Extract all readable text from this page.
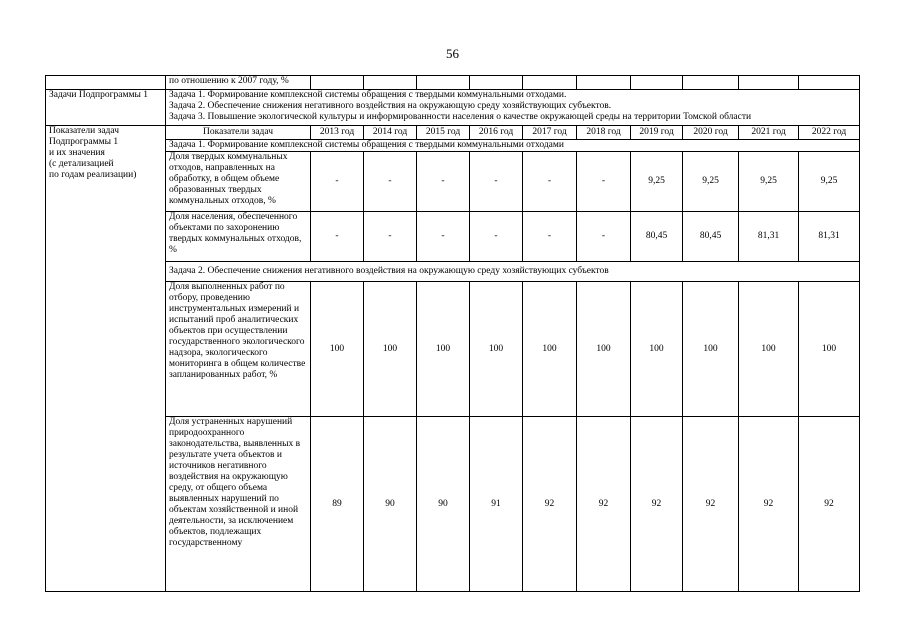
56
	по отношению к 2007 году, %										
Задачи Подпрограммы 1	Задача 1. Формирование комплексной системы обращения с твердыми коммунальными отходами.
Задача 2. Обеспечение снижения негативного воздействия на окружающую среду хозяйствующих субъектов.
Задача 3. Повышение экологической культуры и информированности населения о качестве окружающей среды на территории Томской области										

Показатели задач
Подпрограммы 1
и их значения
(с детализацией
по годам реализации)	Показатели задач	2013 год	2014 год	2015 год	2016 год	2017 год	2018 год	2019 год	2020 год	2021 год	2022 год
	Задача 1. Формирование комплексной системы обращения с твердыми коммунальными отходами										
	Доля твердых коммунальных отходов, направленных на обработку, в общем объеме образованных твердых коммунальных отходов, %	-	-	-	-	-	-	9,25	9,25	9,25	9,25
	Доля населения, обеспеченного объектами по захоронению твердых коммунальных отходов, %	-	-	-	-	-	-	80,45	80,45	81,31	81,31
	Задача 2. Обеспечение снижения негативного воздействия на окружающую среду хозяйствующих субъектов										
	Доля выполненных работ по отбору, проведению инструментальных измерений и испытаний проб аналитических объектов при осуществлении государственного экологического надзора, экологического мониторинга в общем количестве запланированных работ, %	100	100	100	100	100	100	100	100	100	100
	Доля устраненных нарушений природоохранного законодательства, выявленных в результате учета объектов и источников негативного воздействия на окружающую среду, от общего объема выявленных нарушений по объектам хозяйственной и иной деятельности, за исключением объектов, подлежащих государственному	89	90	90	91	92	92	92	92	92	92
